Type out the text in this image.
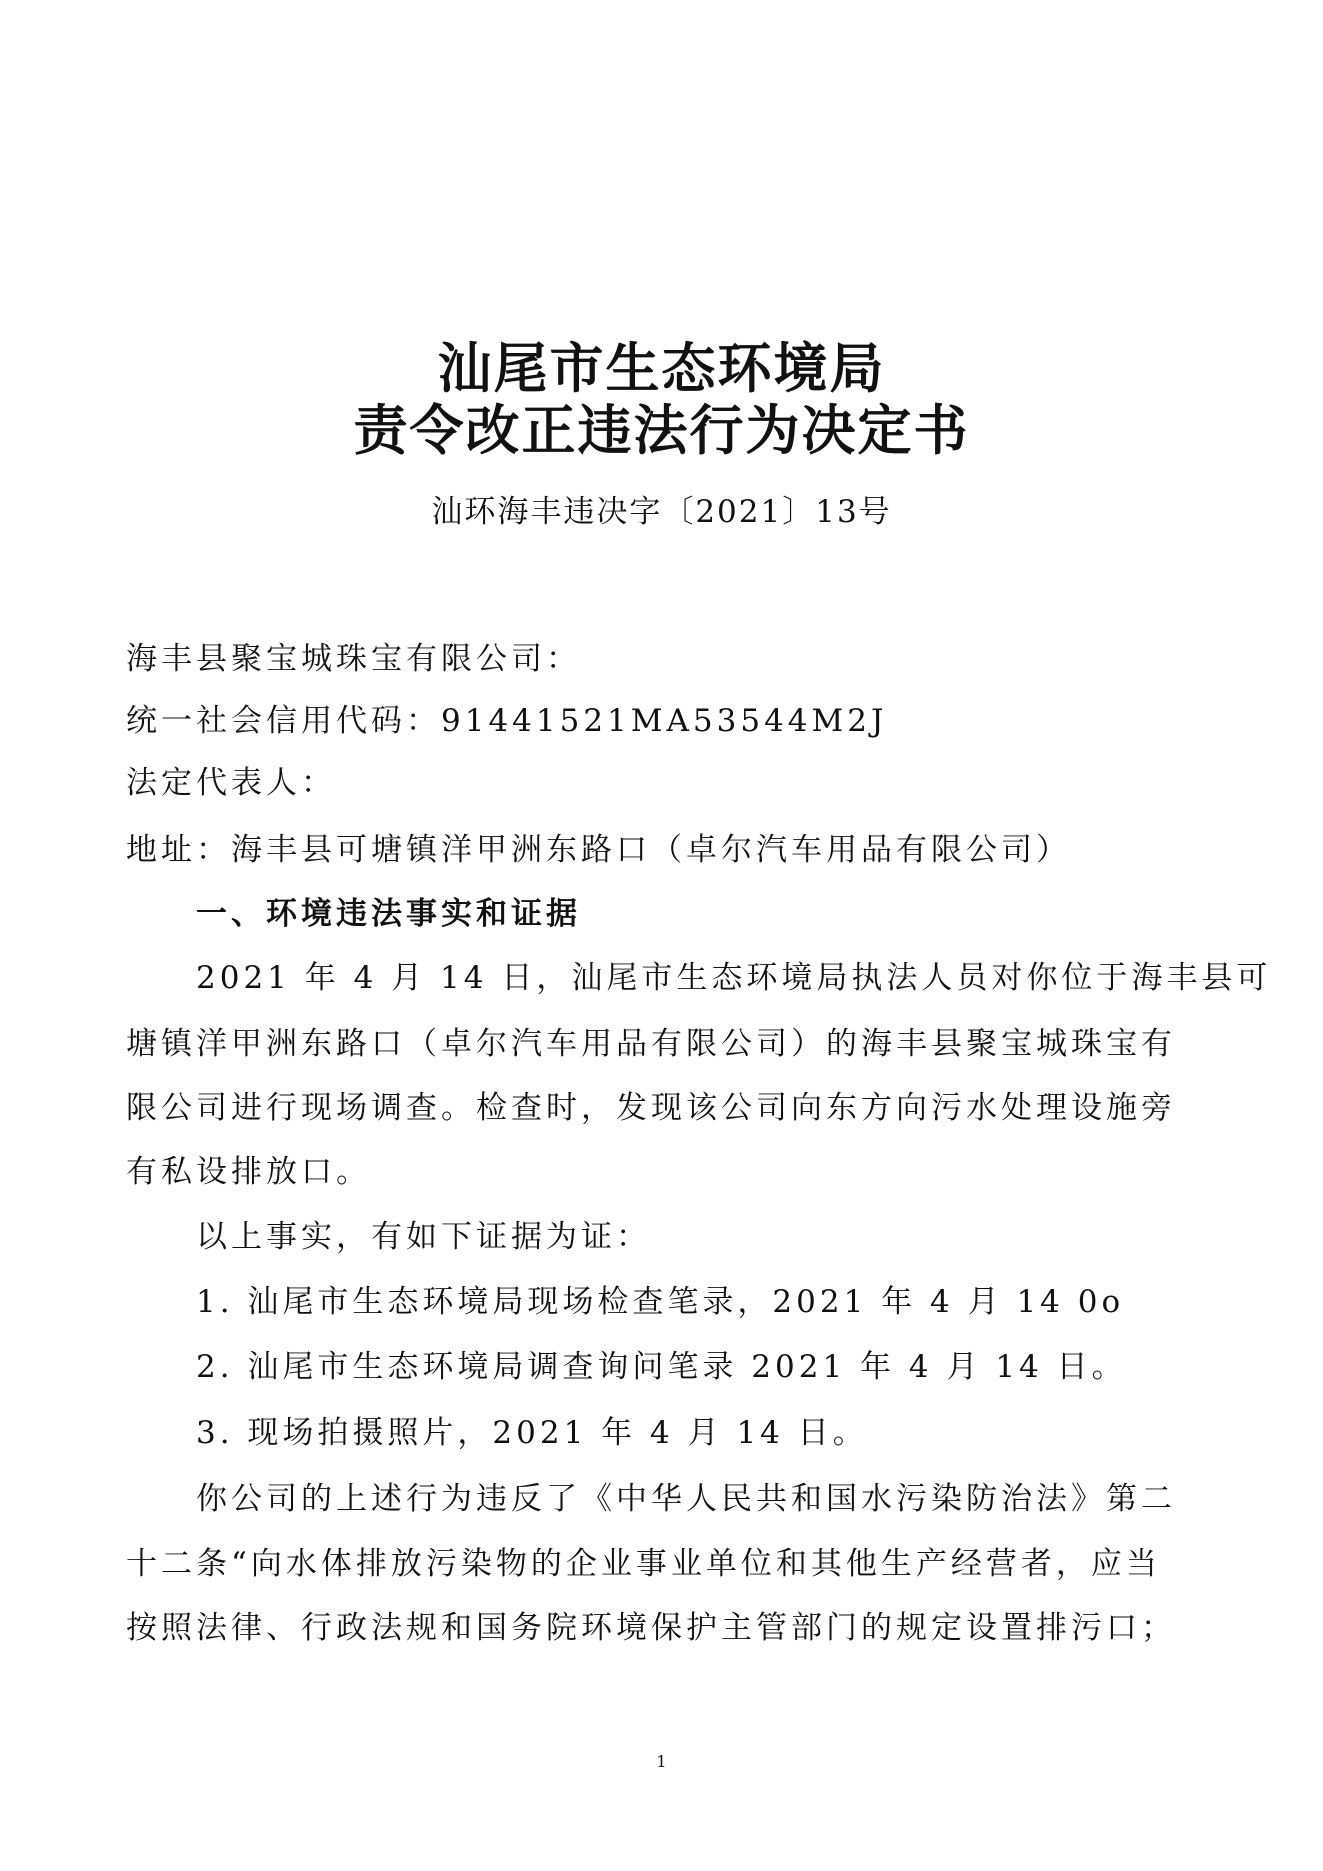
汕尾市生态环境局
责令改正违法行为决定书
汕环海丰违决字〔2021〕13号
海丰县聚宝城珠宝有限公司：
统一社会信用代码：91441521MA53544M2J
法定代表人：
地址：海丰县可塘镇洋甲洲东路口（卓尔汽车用品有限公司）
一、环境违法事实和证据
2021 年 4 月 14 日，汕尾市生态环境局执法人员对你位于海丰县可
塘镇洋甲洲东路口（卓尔汽车用品有限公司）的海丰县聚宝城珠宝有
限公司进行现场调查。检查时，发现该公司向东方向污水处理设施旁
有私设排放口。
以上事实，有如下证据为证：
1. 汕尾市生态环境局现场检查笔录，2021 年 4 月 14 0o
2. 汕尾市生态环境局调查询问笔录 2021 年 4 月 14 日。
3. 现场拍摄照片，2021 年 4 月 14 日。
你公司的上述行为违反了《中华人民共和国水污染防治法》第二
十二条“向水体排放污染物的企业事业单位和其他生产经营者，应当
按照法律、行政法规和国务院环境保护主管部门的规定设置排污口；
1
